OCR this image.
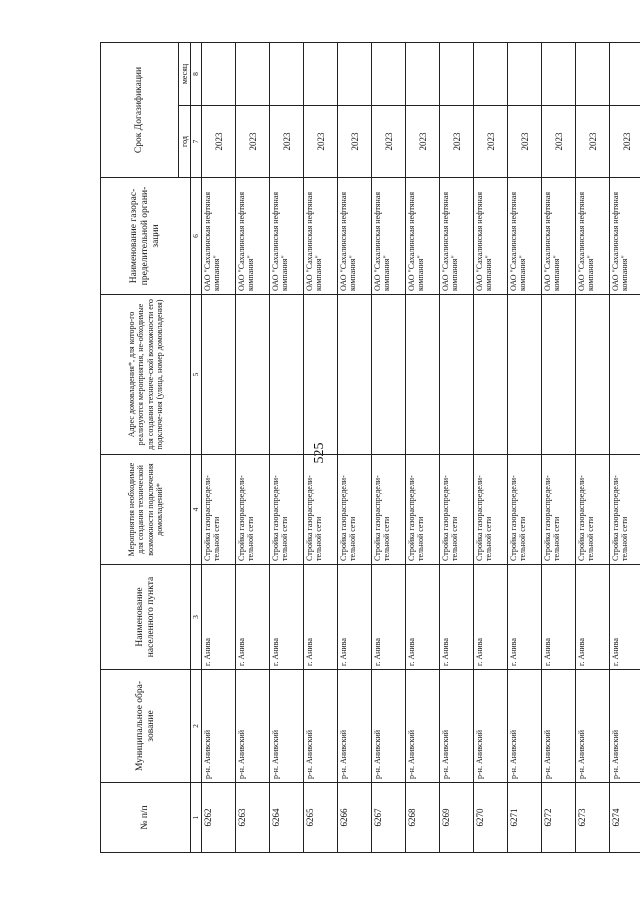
525
№ п/п	Муниципальное обра-зование	Наименование населенного пункта	Мероприятия необходимые для создания технической возможности подключения домовладений*	Адрес домовладения*, для которо-го реализуются мероприятия, не-обходимые для создания техниче-ской возможности его подключе-ния (улица, номер домовладения)	Наименование газорас-пределительной органи-зации	Срок Догазификации	
						год	месяц
1	2	3	4	5	6	7	8
6262	р-н. Анивский	г. Анива	Стройка газораспредели-тельной сети		ОАО "Сахалинская нефтяная компания"	2023	
6263	р-н. Анивский	г. Анива	Стройка газораспредели-тельной сети		ОАО "Сахалинская нефтяная компания"	2023	
6264	р-н. Анивский	г. Анива	Стройка газораспредели-тельной сети		ОАО "Сахалинская нефтяная компания"	2023	
6265	р-н. Анивский	г. Анива	Стройка газораспредели-тельной сети		ОАО "Сахалинская нефтяная компания"	2023	
6266	р-н. Анивский	г. Анива	Стройка газораспредели-тельной сети		ОАО "Сахалинская нефтяная компания"	2023	
6267	р-н. Анивский	г. Анива	Стройка газораспредели-тельной сети		ОАО "Сахалинская нефтяная компания"	2023	
6268	р-н. Анивский	г. Анива	Стройка газораспредели-тельной сети		ОАО "Сахалинская нефтяная компания"	2023	
6269	р-н. Анивский	г. Анива	Стройка газораспредели-тельной сети		ОАО "Сахалинская нефтяная компания"	2023	
6270	р-н. Анивский	г. Анива	Стройка газораспредели-тельной сети		ОАО "Сахалинская нефтяная компания"	2023	
6271	р-н. Анивский	г. Анива	Стройка газораспредели-тельной сети		ОАО "Сахалинская нефтяная компания"	2023	
6272	р-н. Анивский	г. Анива	Стройка газораспредели-тельной сети		ОАО "Сахалинская нефтяная компания"	2023	
6273	р-н. Анивский	г. Анива	Стройка газораспредели-тельной сети		ОАО "Сахалинская нефтяная компания"	2023	
6274	р-н. Анивский	г. Анива	Стройка газораспредели-тельной сети		ОАО "Сахалинская нефтяная компания"	2023	
